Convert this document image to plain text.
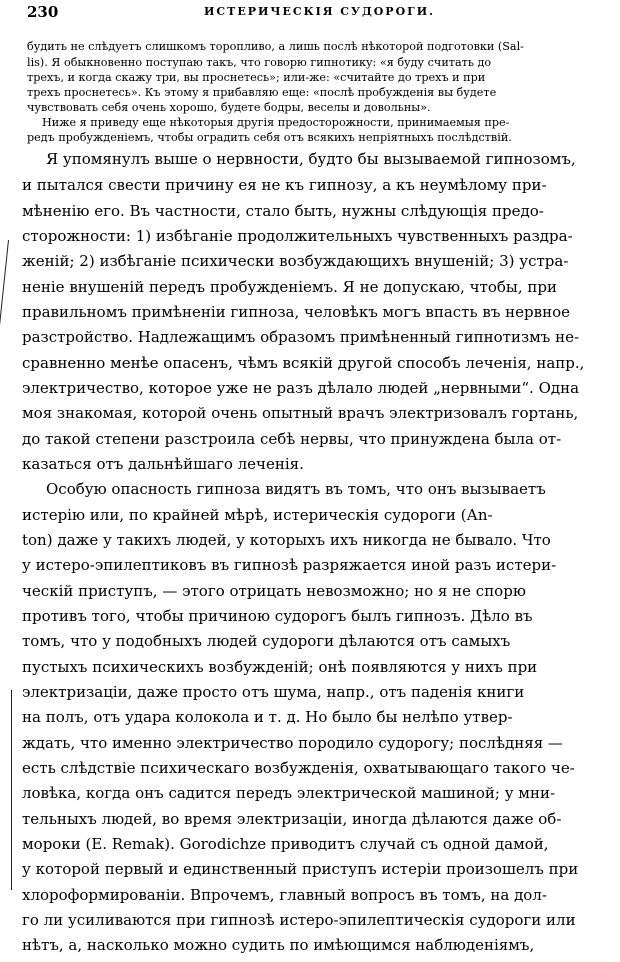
230	ИСТЕРИЧЕСКІЯ СУДОРОГИ.
будить не слѣдуетъ слишкомъ торопливо, а лишь послѣ нѣкоторой подготовки (Sal-
lis). Я обыкновенно поступаю такъ, что говорю гипнотику: «я буду считать до
трехъ, и когда скажу три, вы проснетесь»; или-же: «считайте до трехъ и при
трехъ проснетесь». Къ этому я прибавляю еще: «послѣ пробужденія вы будете
чувствовать себя очень хорошо, будете бодры, веселы и довольны».
Ниже я приведу еще нѣкоторыя другія предосторожности, принимаемыя пре-
редъ пробужденіемъ, чтобы оградить себя отъ всякихъ непріятныхъ послѣдствій.
Я упомянулъ выше о нервности, будто бы вызываемой гипнозомъ,
и пытался свести причину ея не къ гипнозу, а къ неумѣлому при-
мѣненію его. Въ частности, стало быть, нужны слѣдующія предо-
сторожности: 1) избѣганіе продолжительныхъ чувственныхъ раздра-
женій; 2) избѣганіе психически возбуждающихъ внушеній; 3) устра-
неніе внушеній передъ пробужденіемъ. Я не допускаю, чтобы, при
правильномъ примѣненіи гипноза, человѣкъ могъ впасть въ нервное
разстройство. Надлежащимъ образомъ примѣненный гипнотизмъ не-
сравненно менѣе опасенъ, чѣмъ всякій другой способъ леченія, напр.,
электричество, которое уже не разъ дѣлало людей „нервными“. Одна
моя знакомая, которой очень опытный врачъ электризовалъ гортань,
до такой степени разстроила себѣ нервы, что принуждена была от-
казаться отъ дальнѣйшаго леченія.
Особую опасность гипноза видятъ въ томъ, что онъ вызываетъ
истерію или, по крайней мѣрѣ, истерическія судороги (Аn-
ton) даже у такихъ людей, у которыхъ ихъ никогда не бывало. Что
у истеро-эпилептиковъ въ гипнозѣ разряжается иной разъ истери-
ческій приступъ, — этого отрицать невозможно; но я не спорю
противъ того, чтобы причиною судорогъ былъ гипнозъ. Дѣло въ
томъ, что у подобныхъ людей судороги дѣлаются отъ самыхъ
пустыхъ психическихъ возбужденій; онѣ появляются у нихъ при
электризаціи, даже просто отъ шума, напр., отъ паденія книги
на полъ, отъ удара колокола и т. д. Но было бы нелѣпо утвер-
ждать, что именно электричество породило судорогу; послѣдняя —
есть слѣдствіе психическаго возбужденія, охватывающаго такого че-
ловѣка, когда онъ садится передъ электрической машиной; у мни-
тельныхъ людей, во время электризаціи, иногда дѣлаются даже об-
мороки (E. Remak). Gorodichze приводитъ случай съ одной дамой,
у которой первый и единственный приступъ истеріи произошелъ при
хлороформированіи. Впрочемъ, главный вопросъ въ томъ, на дол-
го ли усиливаются при гипнозѣ истеро-эпилептическія судороги или
нѣтъ, а, насколько можно судить по имѣющимся наблюденіямъ,
